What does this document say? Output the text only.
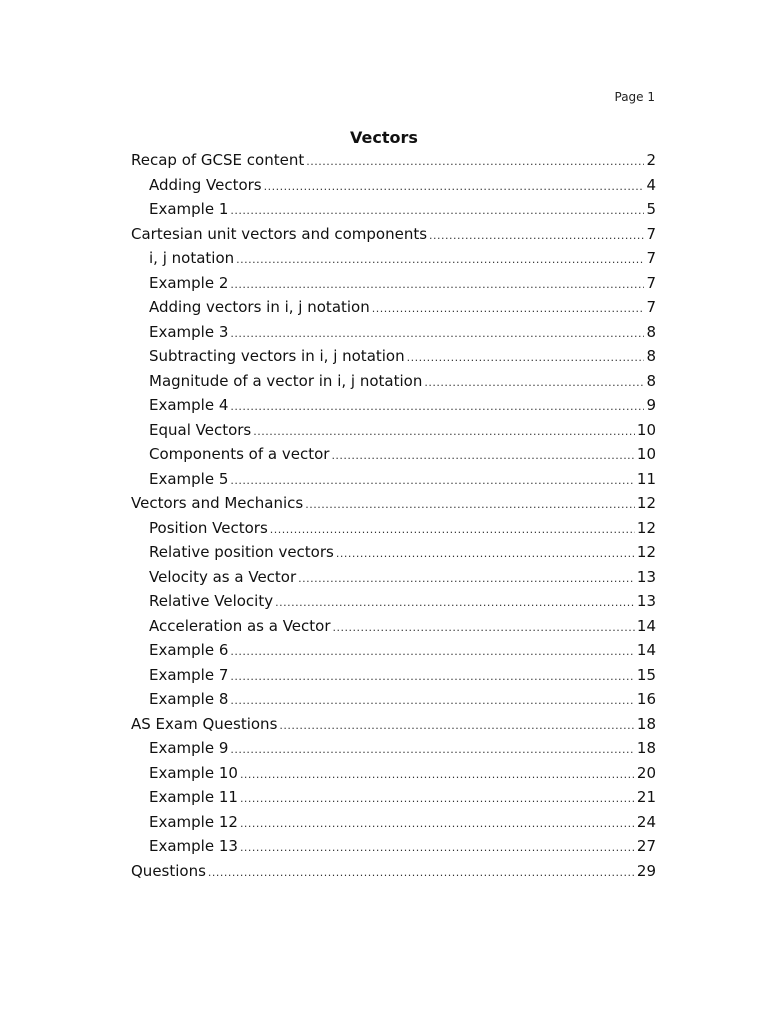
Page 1
Vectors
Recap of GCSE content .....	2
Adding Vectors .....	4
Example 1 .....	5
Cartesian unit vectors and components .....	7
i, j notation .....	7
Example 2 .....	7
Adding vectors in i, j notation .....	7
Example 3 .....	8
Subtracting vectors in i, j notation .....	8
Magnitude of a vector in i, j notation .....	8
Example 4 .....	9
Equal Vectors .....	10
Components of a vector .....	10
Example 5 .....	11
Vectors and Mechanics .....	12
Position Vectors .....	12
Relative position vectors .....	12
Velocity as a Vector .....	13
Relative Velocity .....	13
Acceleration as a Vector .....	14
Example 6 .....	14
Example 7 .....	15
Example 8 .....	16
AS Exam Questions .....	18
Example 9 .....	18
Example 10 .....	20
Example 11 .....	21
Example 12 .....	24
Example 13 .....	27
Questions .....	29
